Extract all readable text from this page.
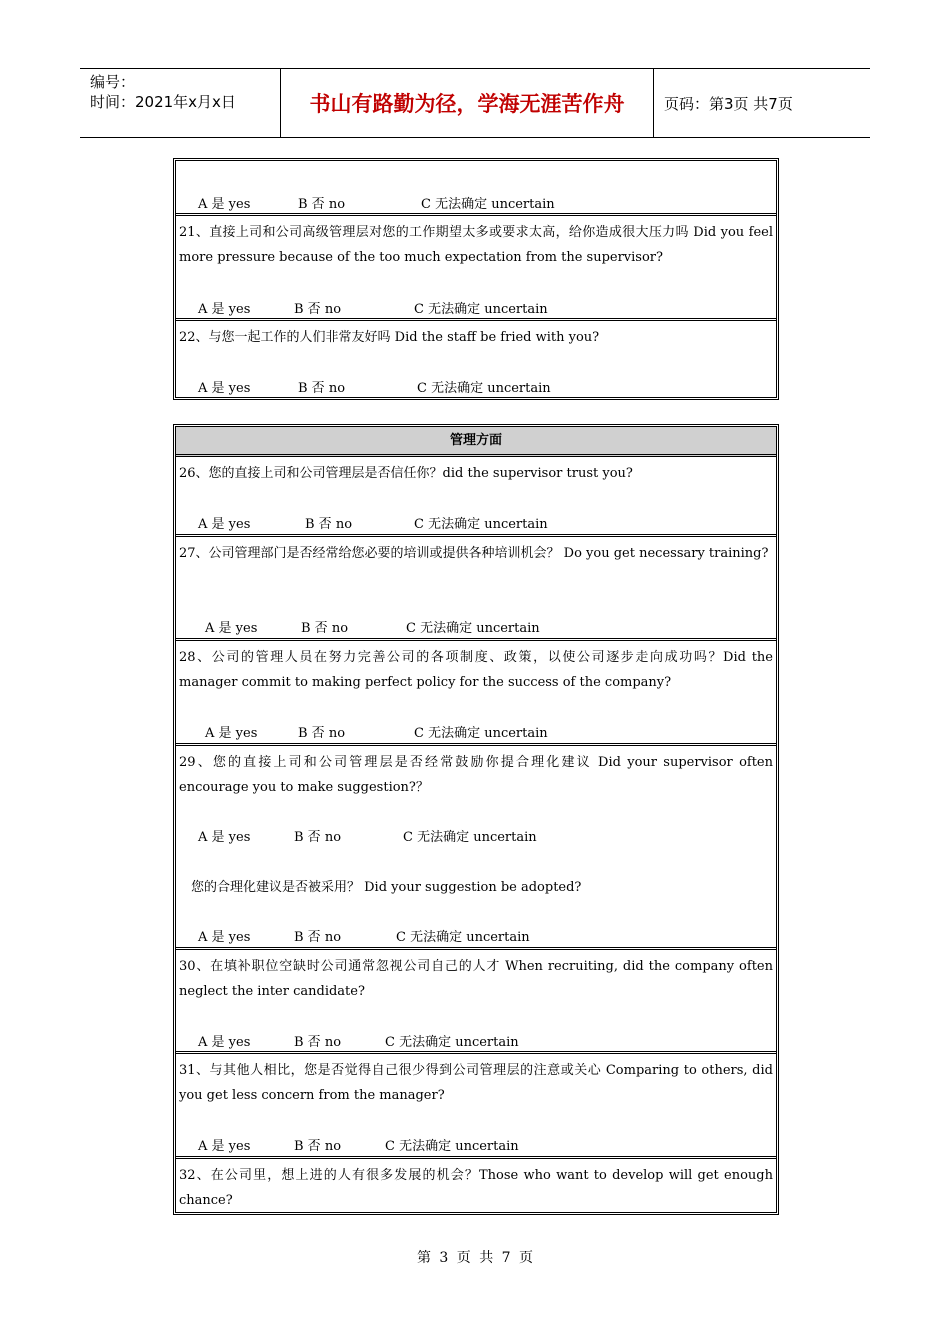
编号：
时间：2021年x月x日	书山有路勤为径，学海无涯苦作舟	页码：第3页 共7页
A 是 yes	B 否 no	C 无法确定 uncertain
21、直接上司和公司高级管理层对您的工作期望太多或要求太高，给你造成很大压力吗 Did you feel more pressure because of the too much expectation from the supervisor?
A 是 yes	B 否 no	C 无法确定 uncertain
22、与您一起工作的人们非常友好吗 Did the staff be fried with you?
A 是 yes	B 否 no	C 无法确定 uncertain
管理方面
26、您的直接上司和公司管理层是否信任你？did the supervisor trust you?
A 是 yes	B 否 no	C 无法确定 uncertain
27、公司管理部门是否经常给您必要的培训或提供各种培训机会？ Do you get necessary training?
A 是 yes	B 否 no	C 无法确定 uncertain
28、公司的管理人员在努力完善公司的各项制度、政策，以使公司逐步走向成功吗？Did the manager commit to making perfect policy for the success of the company?
A 是 yes	B 否 no	C 无法确定 uncertain
29、您的直接上司和公司管理层是否经常鼓励你提合理化建议 Did your supervisor often encourage you to make suggestion?？
A 是 yes	B 否 no	C 无法确定 uncertain
您的合理化建议是否被采用？ Did your suggestion be adopted?
A 是 yes	B 否 no	C 无法确定 uncertain
30、在填补职位空缺时公司通常忽视公司自己的人才 When recruiting, did the company often neglect the inter candidate?
A 是 yes	B 否 no	C 无法确定 uncertain
31、与其他人相比，您是否觉得自己很少得到公司管理层的注意或关心 Comparing to others, did you get less concern from the manager?
A 是 yes	B 否 no	C 无法确定 uncertain
32、在公司里，想上进的人有很多发展的机会？Those who want to develop will get enough chance?
第 3 页 共 7 页
